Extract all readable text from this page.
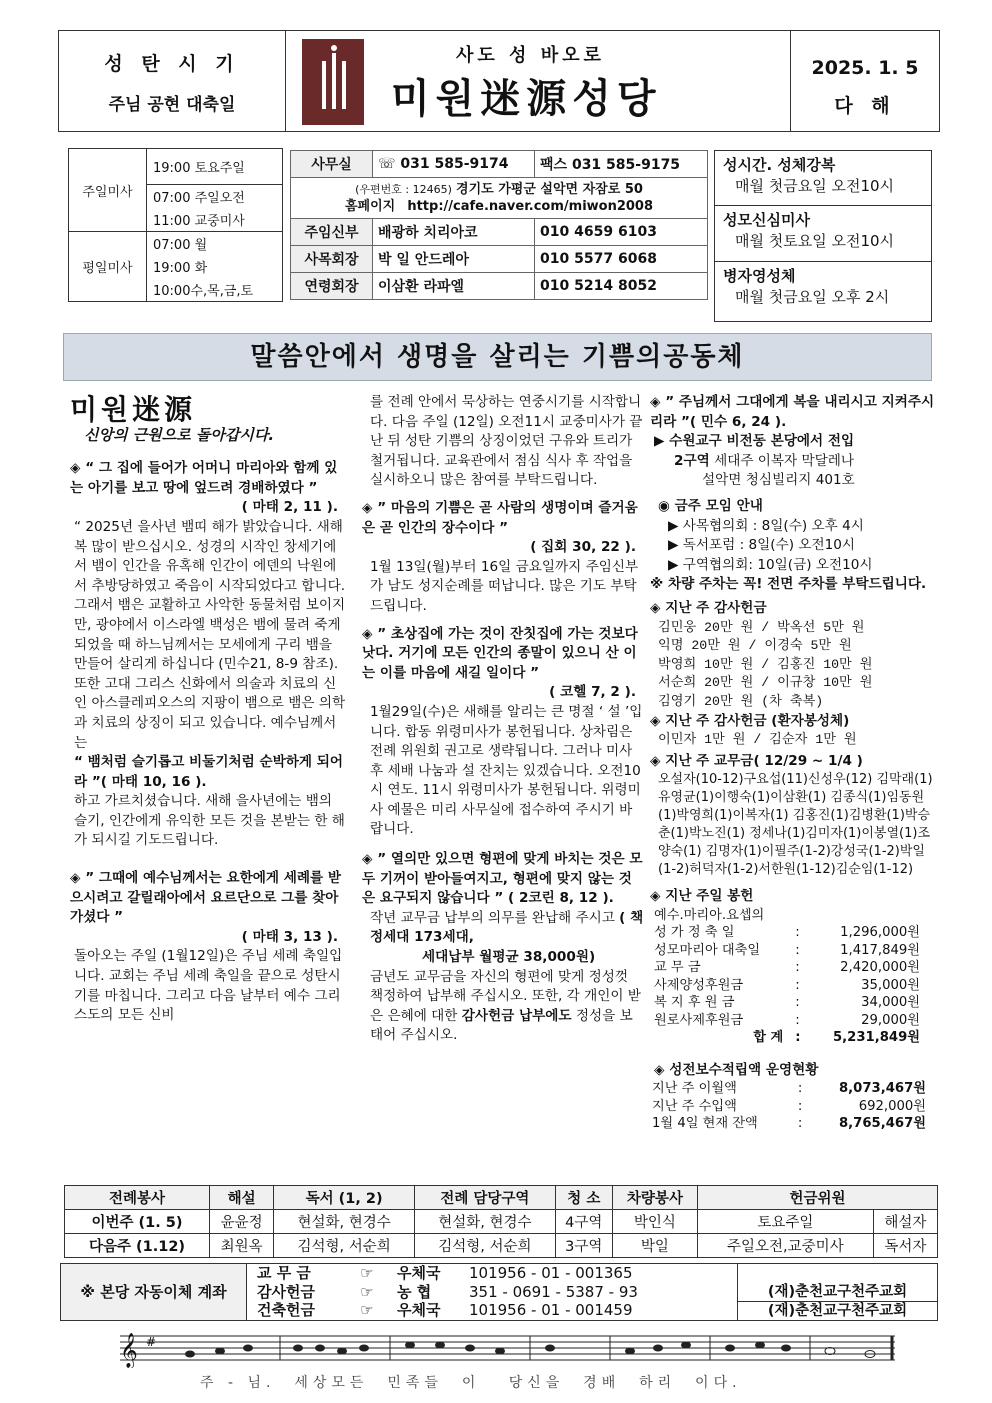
성 탄 시 기
주님 공현 대축일
사도 성 바오로
미원迷源성당
2025. 1. 5
다 해
주일미사	19:00 토요주일
	07:00 주일오전
	11:00 교중미사
평일미사	07:00 월
	19:00 화
	10:00수,목,금,토
사무실	☏ 031 585-9174	팩스 031 585-9175
(우편번호 : 12465) 경기도 가평군 설악면 자잠로 50
홈페이지 http://cafe.naver.com/miwon2008		
주임신부	배광하 치리아코	010 4659 6103
사목회장	박 일 안드레아	010 5577 6068
연령회장	이삼환 라파엘	010 5214 8052
성시간. 성체강복
매월 첫금요일 오전10시
성모신심미사
매월 첫토요일 오전10시
병자영성체
매월 첫금요일 오후 2시
말씀안에서 생명을 살리는 기쁨의공동체
미원迷源
신앙의 근원으로 돌아갑시다.

◈ “ 그 집에 들어가 어머니 마리아와 함께 있는 아기를 보고 땅에 엎드려 경배하였다 ”

( 마태 2, 11 ).

“ 2025년 을사년 뱀띠 해가 밝았습니다. 새해 복 많이 받으십시오. 성경의 시작인 창세기에서 뱀이 인간을 유혹해 인간이 에덴의 낙원에서 추방당하였고 죽음이 시작되었다고 합니다. 그래서 뱀은 교활하고 사악한 동물처럼 보이지만, 광야에서 이스라엘 백성은 뱀에 물려 죽게 되었을 때 하느님께서는 모세에게 구리 뱀을 만들어 살리게 하십니다 (민수21, 8-9 참조). 또한 고대 그리스 신화에서 의술과 치료의 신인 아스클레피오스의 지팡이 뱀으로 뱀은 의학과 치료의 상징이 되고 있습니다. 예수님께서는

“ 뱀처럼 슬기롭고 비둘기처럼 순박하게 되어라 ”( 마태 10, 16 ).

하고 가르치셨습니다. 새해 을사년에는 뱀의 슬기, 인간에게 유익한 모든 것을 본받는 한 해가 되시길 기도드립니다.

◈ ” 그때에 예수님께서는 요한에게 세례를 받으시려고 갈릴래아에서 요르단으로 그를 찾아가셨다 ”

( 마태 3, 13 ).

돌아오는 주일 (1월12일)은 주님 세례 축일입니다. 교회는 주님 세례 축일을 끝으로 성탄시기를 마칩니다. 그리고 다음 날부터 예수 그리스도의 모든 신비

를 전례 안에서 묵상하는 연중시기를 시작합니다. 다음 주일 (12일) 오전11시 교중미사가 끝난 뒤 성탄 기쁨의 상징이었던 구유와 트리가 철거됩니다. 교육관에서 점심 식사 후 작업을 실시하오니 많은 참여를 부탁드립니다.

◈ ” 마음의 기쁨은 곧 사람의 생명이며 즐거움은 곧 인간의 장수이다 ”

( 집회 30, 22 ).

1월 13일(월)부터 16일 금요일까지 주임신부가 남도 성지순례를 떠납니다. 많은 기도 부탁드립니다.

◈ ” 초상집에 가는 것이 잔칫집에 가는 것보다 낫다. 거기에 모든 인간의 종말이 있으니 산 이는 이를 마음에 새길 일이다 ”

( 코헬 7, 2 ).

1월29일(수)은 새해를 알리는 큰 명절 ‘ 설 ’입니다. 합동 위령미사가 봉헌됩니다. 상차림은 전례 위원회 권고로 생략됩니다. 그러나 미사 후 세배 나눔과 설 잔치는 있겠습니다. 오전10시 연도. 11시 위령미사가 봉헌됩니다. 위령미사 예물은 미리 사무실에 접수하여 주시기 바랍니다.

◈ ” 열의만 있으면 형편에 맞게 바치는 것은 모두 기꺼이 받아들여지고, 형편에 맞지 않는 것은 요구되지 않습니다 ” ( 2코린 8, 12 ).

작년 교무금 납부의 의무를 완납해 주시고 ( 책정세대 173세대,

세대납부 월평균 38,000원)

금년도 교무금을 자신의 형편에 맞게 정성껏 책정하여 납부해 주십시오. 또한, 각 개인이 받은 은혜에 대한 감사헌금 납부에도 정성을 보태어 주십시오.

◈ ” 주님께서 그대에게 복을 내리시고 지켜주시리라 ”( 민수 6, 24 ).

▶ 수원교구 비전동 본당에서 전입

2구역 세대주 이복자 막달레나

설악면 청심빌리지 401호

◉ 금주 모임 안내

▶ 사목협의회 : 8일(수) 오후 4시

▶ 독서포럼 : 8일(수) 오전10시

▶ 구역협의회: 10일(금) 오전10시

※ 차량 주차는 꼭! 전면 주차를 부탁드립니다.

◈ 지난 주 감사헌금

김민웅 20만 원 / 박옥선 5만 원
익명 20만 원 / 이경숙 5만 원
박영희 10만 원 / 김홍진 10만 원
서순희 20만 원 / 이규창 10만 원
김영기 20만 원 (차 축복)

◈ 지난 주 감사헌금 (환자봉성체)

이민자 1만 원 / 김순자 1만 원

◈ 지난 주 교무금( 12/29 ~ 1/4 )

오설자(10-12)구요섭(11)신성우(12) 김막래(1)유영균(1)이행숙(1)이삼환(1) 김종식(1)임동원(1)박영희(1)이복자(1) 김홍진(1)김병환(1)박승춘(1)박노진(1) 정세나(1)김미자(1)이봉열(1)조양숙(1) 김명자(1)이필주(1-2)강성국(1-2)박일(1-2)허덕자(1-2)서한원(1-12)김순임(1-12)

◈ 지난 주일 봉헌

예수.마리아.요셉의

성 가 정 축 일	:	1,296,000원
성모마리아 대축일	:	1,417,849원
교 무 금	:	2,420,000원
사제양성후원금	:	35,000원
복 지 후 원 금	:	34,000원
원로사제후원금	:	29,000원
합 계	:	5,231,849원

◈ 성전보수적립액 운영현황

지난 주 이월액	:	8,073,467원
지난 주 수입액	:	692,000원
1월 4일 현재 잔액	:	8,765,467원
전례봉사	해설	독서 (1, 2)	전례 담당구역	청 소	차량봉사	헌금위원	
이번주 (1. 5)	윤윤정	현설화, 현경수	현설화, 현경수	4구역	박인식	토요주일	해설자
다음주 (1.12)	최원옥	김석형, 서순희	김석형, 서순희	3구역	박일	주일오전,교중미사	독서자
※ 본당 자동이체 계좌
교 무 금	☞ 우체국 101956 - 01 - 001365
감사헌금	☞ 농 협	351 - 0691 - 5387 - 93
건축헌금	☞ 우체국 101956 - 01 - 001459
(재)춘천교구천주교회
(재)춘천교구천주교회
𝄞 #
주 - 님.  세상모든  민족들  이   당신을  경배  하리  이다.
